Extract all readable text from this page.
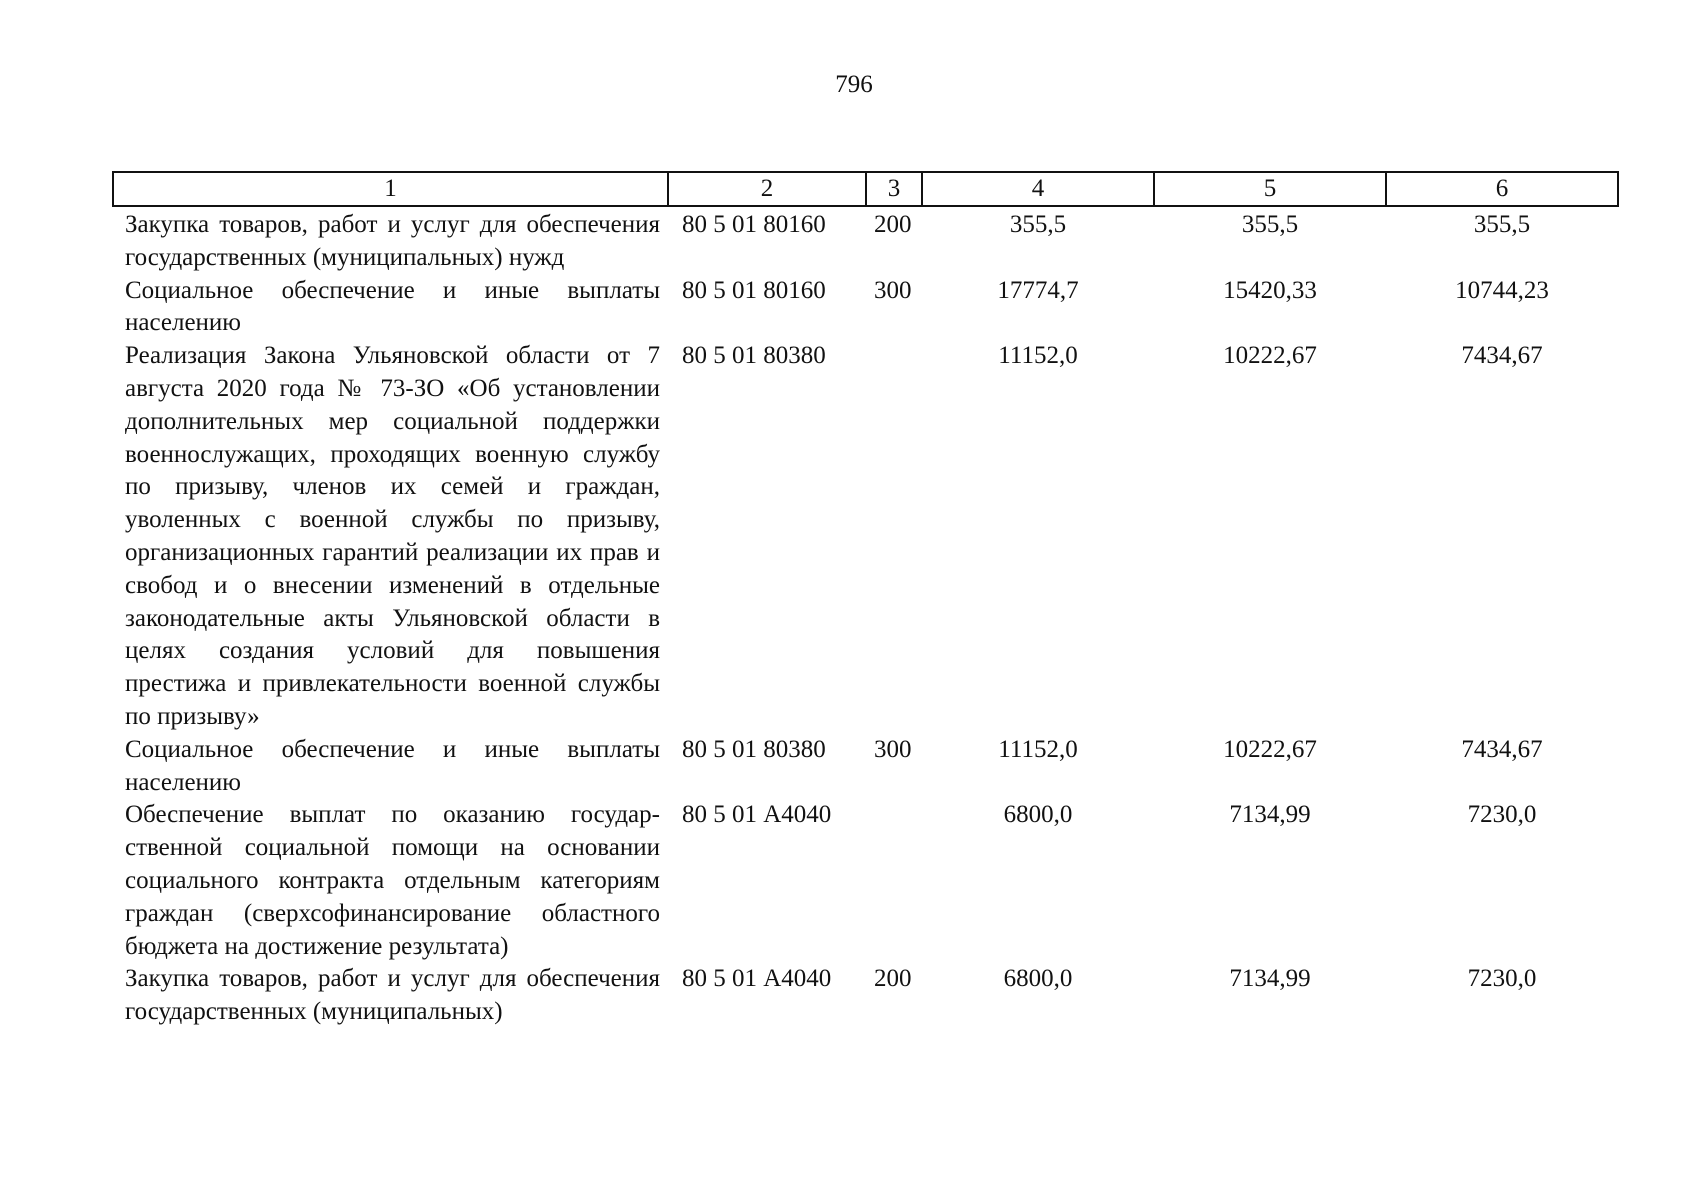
796
1	2	3	4	5	6
Закупка товаров, работ и услуг для обеспечения государственных (муниципальных) нужд	80 5 01 80160	200	355,5	355,5	355,5
Социальное обеспечение и иные выплаты населению	80 5 01 80160	300	17774,7	15420,33	10744,23
Реализация Закона Ульяновской области от 7 августа 2020 года № 73-ЗО «Об установлении дополнительных мер социальной поддержки военнослужащих, проходящих военную службу по призыву, членов их семей и граждан, уволенных с военной службы по призыву, организационных гарантий реализации их прав и свобод и о внесении изменений в отдельные законодательные акты Ульяновской области в целях создания условий для повышения престижа и привлекательности военной службы по призыву»	80 5 01 80380		11152,0	10222,67	7434,67
Социальное обеспечение и иные выплаты населению	80 5 01 80380	300	11152,0	10222,67	7434,67
Обеспечение выплат по оказанию государственной социальной помощи на основании социального контракта отдельным категориям граждан (сверхсофинансирование областного бюджета на достижение результата)	80 5 01 А4040		6800,0	7134,99	7230,0
Закупка товаров, работ и услуг для обеспечения государственных (муниципальных)	80 5 01 А4040	200	6800,0	7134,99	7230,0
